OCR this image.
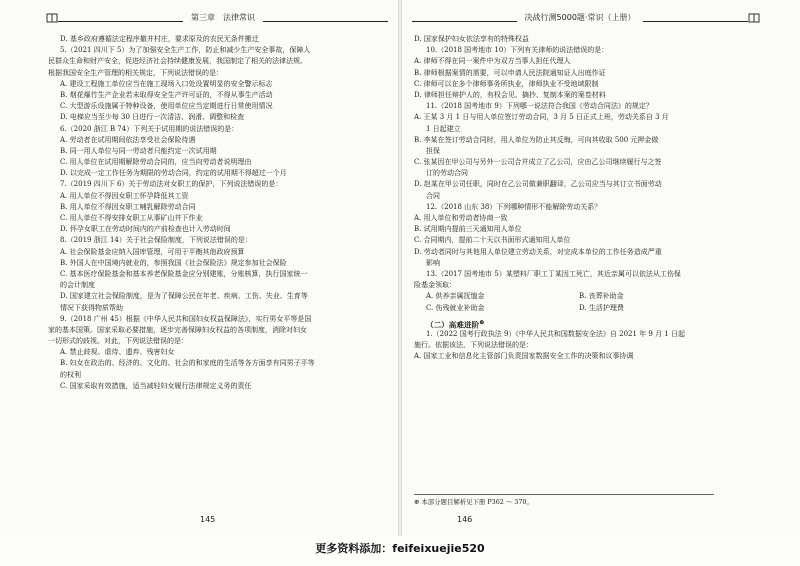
第三章　法律常识
D. 基乡政府遵循法定程序撤并村庄，要求原及的农民无条件搬迁
5.（2021 四川下 5）为了加强安全生产工作，防止和减少生产安全事故，保障人
民群众生命和财产安全，促进经济社会持续健康发展，我国制定了相关的法律法规。
根据我国安全生产管理的相关规定，下列说法错误的是：
A. 建设工程施工单位应当在施工现场入口处设置明显的安全警示标志
B. 烟花爆竹生产企业若未取得安全生产许可证的，不得从事生产活动
C. 大型游乐设施属于特种设备，使用单位应当定期进行日常使用情况
D. 电梯应当至少每 30 日进行一次清洁、润滑、调整和检查
6.（2020 浙江 B 74）下列关于试用期的说法错误的是：
A. 劳动者在试用期间依法享受社会保险待遇
B. 同一用人单位与同一劳动者只能约定一次试用期
C. 用人单位在试用期解除劳动合同的，应当向劳动者说明理由
D. 以完成一定工作任务为期限的劳动合同，约定的试用期不得超过一个月
7.（2019 四川下 6）关于劳动法对女职工的保护，下列说法错误的是：
A. 用人单位不得因女职工怀孕降低其工资
B. 用人单位不得因女职工哺乳解除劳动合同
C. 用人单位不得安排女职工从事矿山井下作业
D. 怀孕女职工在劳动时间内的产前检查也计入劳动时间
8.（2019 浙江 14）关于社会保险制度，下列说法错误的是：
A. 社会保险基金应纳入国库管理，可用于平衡其他政府预算
B. 外国人在中国境内就业的，参照我国《社会保险法》规定参加社会保险
C. 基本医疗保险基金和基本养老保险基金应分别建账，分账核算，执行国家统一
的会计制度
D. 国家建立社会保险制度，是为了保障公民在年老、疾病、工伤、失业、生育等
情况下获得物质帮助
9.（2018 广州 45）根据《中华人民共和国妇女权益保障法》，实行男女平等是国
家的基本国策。国家采取必要措施，逐步完善保障妇女权益的各项制度，消除对妇女
一切形式的歧视。对此，下列说法错误的是：
A. 禁止歧视、虐待、遗弃、残害妇女
B. 妇女在政治的、经济的、文化的、社会的和家庭的生活等各方面享有同男子平等
的权利
C. 国家采取有效措施，适当减轻妇女履行法律规定义务的责任
145
决战行测5000题·常识（上册）
D. 国家保护妇女依法享有的特殊权益
10.（2018 国考地市 10）下列有关律师的说法错误的是：
A. 律师不得在同一案件中为双方当事人担任代理人
B. 律师根据案情的需要，可以申请人民法院通知证人出庭作证
C. 律师可以在多个律师事务所执业，律师执业不受地域限制
D. 律师担任辩护人的，有权会见、摘抄、复制本案的案卷材料
11.（2018 国考地市 9）下列哪一说法符合我国《劳动合同法》的规定？
A. 王某 3 月 1 日与用人单位签订劳动合同，3 月 5 日正式上班，劳动关系自 3 月
1 日起建立
B. 李某在签订劳动合同时，用人单位为防止其反悔，可向其收取 500 元押金做
担保
C. 张某因在甲公司与另外一公司合并成立了乙公司，应由乙公司继续履行与之签
订的劳动合同
D. 赵某在甲公司任职，同时在乙公司做兼职翻译，乙公司应当与其订立书面劳动
合同
12.（2018 山东 38）下列哪种情形不能解除劳动关系？
A. 用人单位和劳动者协商一致
B. 试用期内提前三天通知用人单位
C. 合同期内，提前二十天以书面形式通知用人单位
D. 劳动者同时与其他用人单位建立劳动关系，对完成本单位的工作任务造成严重
影响
13.（2017 国考地市 5）某塑料厂职工丁某因工死亡，其近亲属可以依法从工伤保
险基金领取：
A. 供养亲属抚恤金	B. 丧葬补助金
C. 伤残就业补助金	D. 生活护理费
（二）高难进阶⊕
1.（2022 国考行政执法 9）《中华人民共和国数据安全法》自 2021 年 9 月 1 日起
施行。依据该法，下列说法错误的是：
A. 国家工业和信息化主管部门负责国家数据安全工作的决策和议事协调
⊕ 本部分题目解析见下册 P362 ～ 370。
146
更多资料添加：feifeixuejie520
